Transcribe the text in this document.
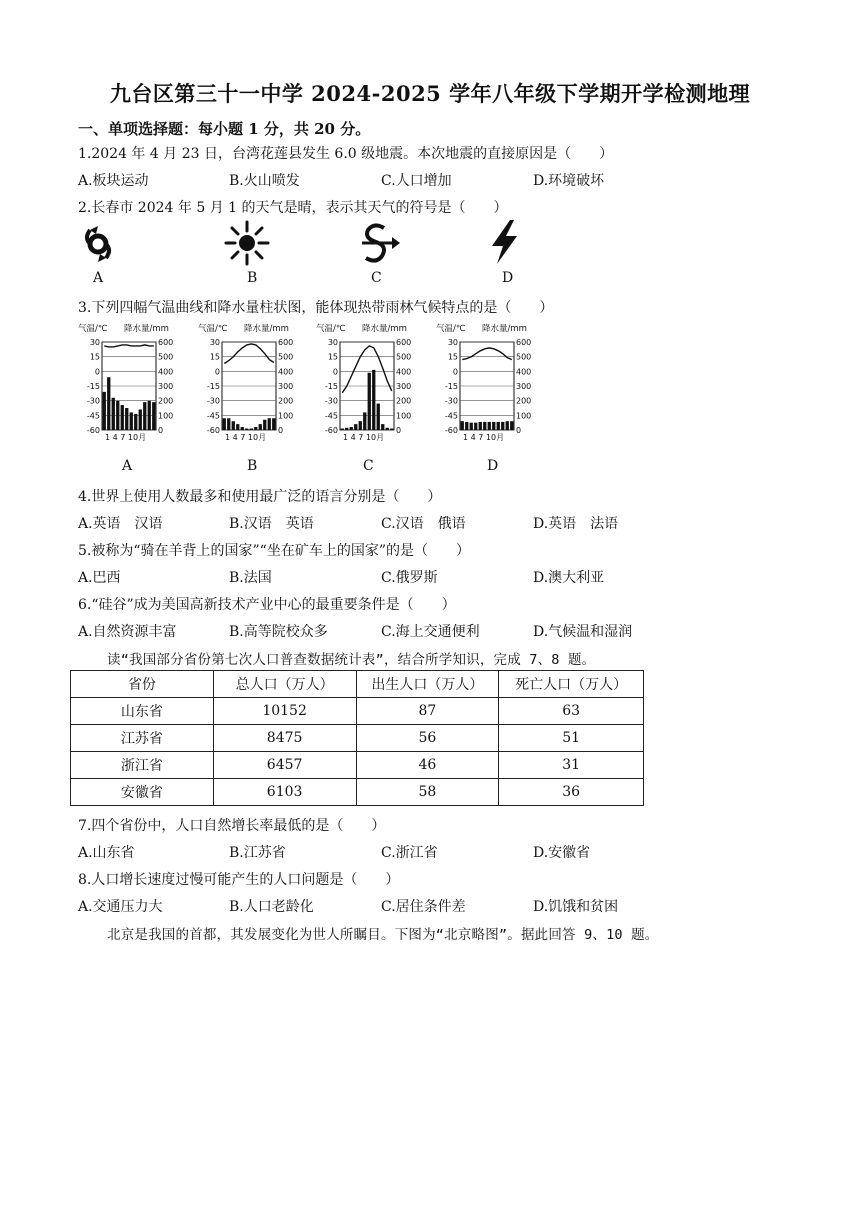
九台区第三十一中学 2024-2025 学年八年级下学期开学检测地理
一、单项选择题：每小题 1 分，共 20 分。
1.2024 年 4 月 23 日，台湾花莲县发生 6.0 级地震。本次地震的直接原因是（　　）
A.板块运动	B.火山喷发	C.人口增加	D.环境破坏
2.长春市 2024 年 5 月 1 的天气是晴，表示其天气的符号是（　　）
A	B	C	D
3.下列四幅气温曲线和降水量柱状图，能体现热带雨林气候特点的是（　　）
气温/℃ 降水量/mm
30
15
0
-15
-30
-45
-60
600
500
400
300
200
100
0
1 4 7 10月
气温/℃ 降水量/mm
30
15
0
-15
-30
-45
-60
600
500
400
300
200
100
0
1 4 7 10月
气温/℃ 降水量/mm
30
15
0
-15
-30
-45
-60
600
500
400
300
200
100
0
1 4 7 10月
气温/℃ 降水量/mm
30
15
0
-15
-30
-45
-60
600
500
400
300
200
100
0
1 4 7 10月
A	B	C	D
4.世界上使用人数最多和使用最广泛的语言分别是（　　）
A.英语　汉语	B.汉语　英语	C.汉语　俄语	D.英语　法语
5.被称为“骑在羊背上的国家”“坐在矿车上的国家”的是（　　）
A.巴西	B.法国	C.俄罗斯	D.澳大利亚
6.“硅谷”成为美国高新技术产业中心的最重要条件是（　　）
A.自然资源丰富	B.高等院校众多	C.海上交通便利	D.气候温和湿润
读“我国部分省份第七次人口普查数据统计表”，结合所学知识，完成 7、8 题。
省份	总人口（万人）	出生人口（万人）	死亡人口（万人）
山东省	10152	87	63
江苏省	8475	56	51
浙江省	6457	46	31
安徽省	6103	58	36
7.四个省份中，人口自然增长率最低的是（　　）
A.山东省	B.江苏省	C.浙江省	D.安徽省
8.人口增长速度过慢可能产生的人口问题是（　　）
A.交通压力大	B.人口老龄化	C.居住条件差	D.饥饿和贫困
北京是我国的首都，其发展变化为世人所瞩目。下图为“北京略图”。据此回答 9、10 题。
